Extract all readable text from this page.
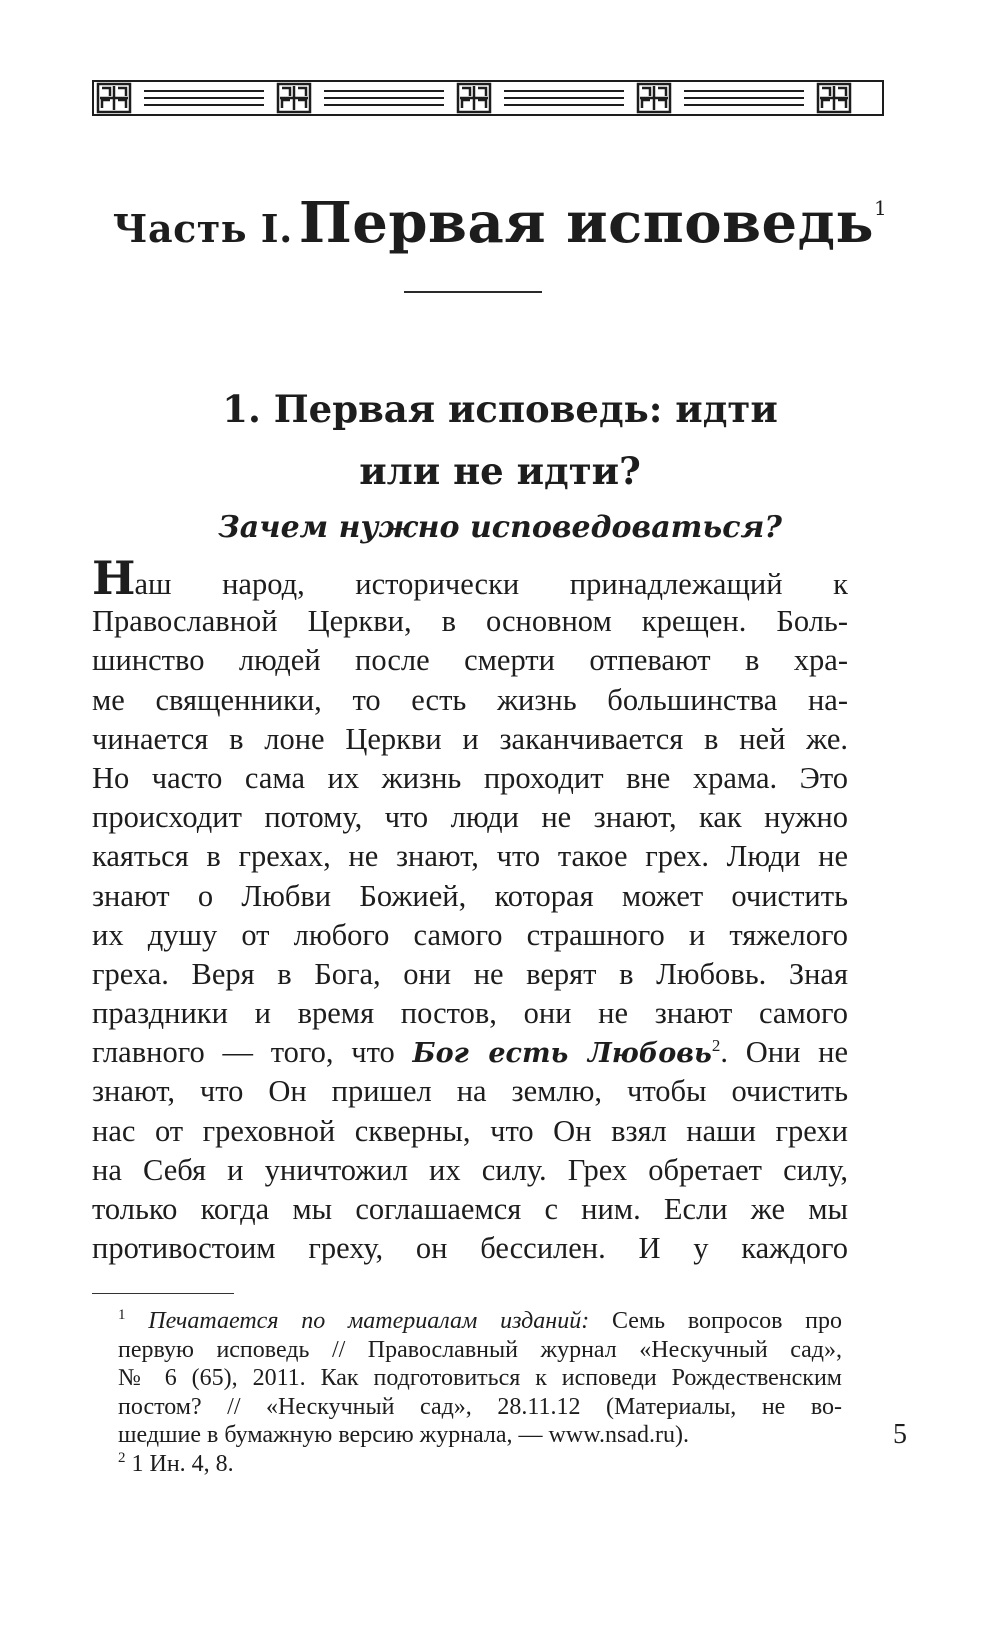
Часть I. Первая исповедь$^1$
1. Первая исповедь: идти
или не идти?
Зачем нужно исповедоваться?
Наш народ, исторически принадлежащий к
Православной Церкви, в основном крещен. Боль-
шинство людей после смерти отпевают в хра-
ме священники, то есть жизнь большинства на-
чинается в лоне Церкви и заканчивается в ней же.
Но часто сама их жизнь проходит вне храма. Это
происходит потому, что люди не знают, как нужно
каяться в грехах, не знают, что такое грех. Люди не
знают о Любви Божией, которая может очистить
их душу от любого самого страшного и тяжелого
греха. Веря в Бога, они не верят в Любовь. Зная
праздники и время постов, они не знают самого
главного — того, что Бог есть Любовь$^2$. Они не
знают, что Он пришел на землю, чтобы очистить
нас от греховной скверны, что Он взял наши грехи
на Себя и уничтожил их силу. Грех обретает силу,
только когда мы соглашаемся с ним. Если же мы
противостоим греху, он бессилен. И у каждого
$^1$ Печатается по материалам изданий: Семь вопросов про
первую исповедь // Православный журнал «Нескучный сад»,
№ 6 (65), 2011. Как подготовиться к исповеди Рождественским
постом? // «Нескучный сад», 28.11.12 (Материалы, не во-
шедшие в бумажную версию журнала, — www.nsad.ru).
$^2$ 1 Ин. 4, 8.
5
